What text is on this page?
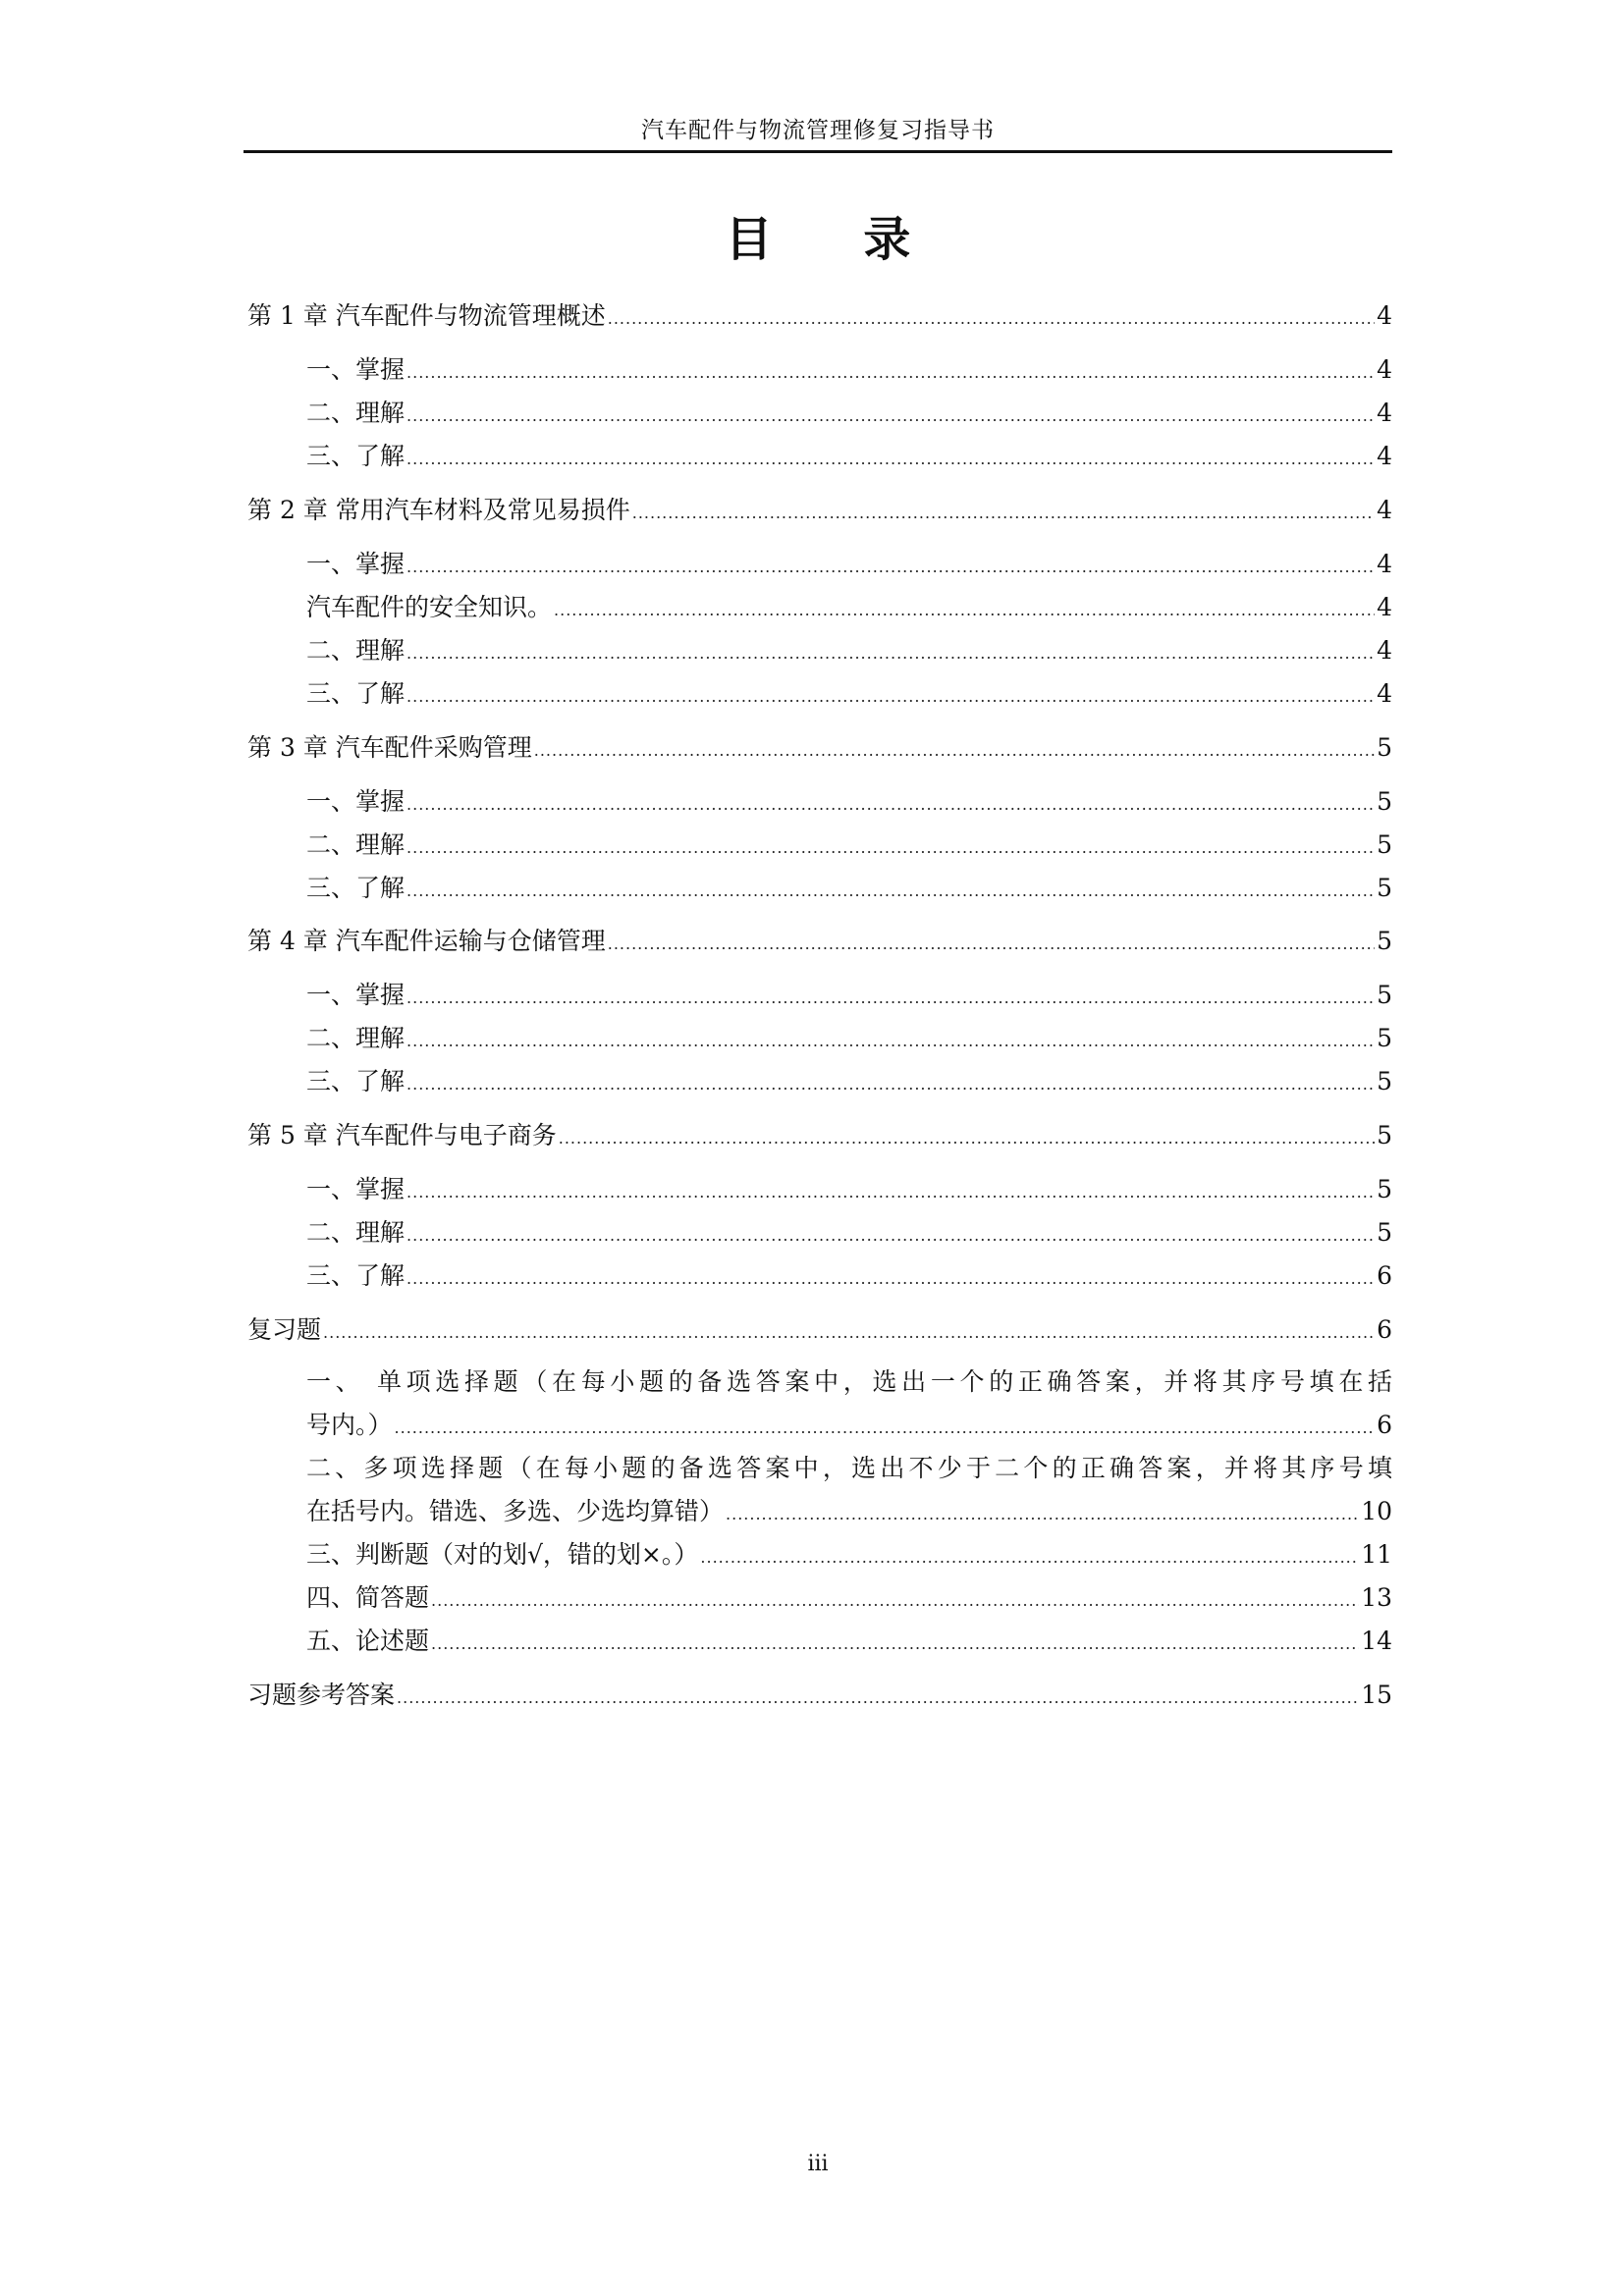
汽车配件与物流管理修复习指导书
目 录
第 1 章 汽车配件与物流管理概述 .....	4
一、掌握 .....	4
二、理解 .....	4
三、了解 .....	4
第 2 章 常用汽车材料及常见易损件 .....	4
一、掌握 .....	4
汽车配件的安全知识。 .....	4
二、理解 .....	4
三、了解 .....	4
第 3 章 汽车配件采购管理 .....	5
一、掌握 .....	5
二、理解 .....	5
三、了解 .....	5
第 4 章 汽车配件运输与仓储管理 .....	5
一、掌握 .....	5
二、理解 .....	5
三、了解 .....	5
第 5 章 汽车配件与电子商务 .....	5
一、掌握 .....	5
二、理解 .....	5
三、了解 .....	6
复习题 .....	6
一、 单项选择题（在每小题的备选答案中，选出一个的正确答案，并将其序号填在括
号内。） .....	6
二、多项选择题（在每小题的备选答案中，选出不少于二个的正确答案，并将其序号填
在括号内。错选、多选、少选均算错） .....	10
三、判断题（对的划√，错的划×。） .....	11
四、简答题 .....	13
五、论述题 .....	14
习题参考答案 .....	15
iii
